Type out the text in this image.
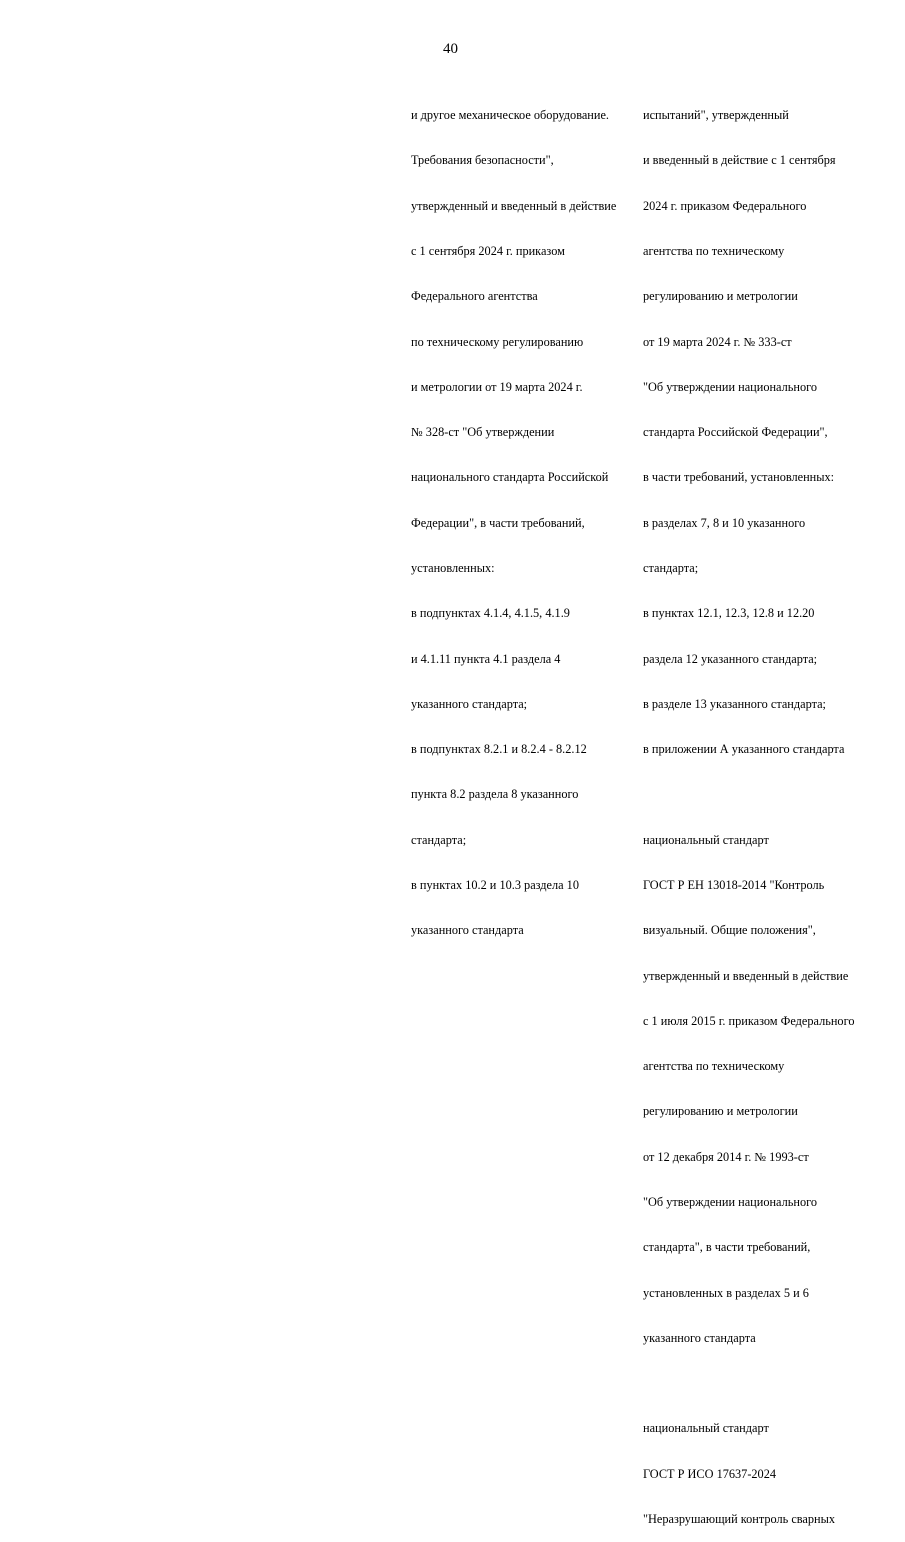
40

и другое механическое оборудование.

Требования безопасности",

утвержденный и введенный в действие

с 1 сентября 2024 г. приказом

Федерального агентства

по техническому регулированию

и метрологии от 19 марта 2024 г.

№ 328-ст "Об утверждении

национального стандарта Российской

Федерации", в части требований,

установленных:

в подпунктах 4.1.4, 4.1.5, 4.1.9

и 4.1.11 пункта 4.1 раздела 4

указанного стандарта;

в подпунктах 8.2.1 и 8.2.4 - 8.2.12

пункта 8.2 раздела 8 указанного

стандарта;

в пунктах 10.2 и 10.3 раздела 10

указанного стандарта

испытаний", утвержденный

и введенный в действие с 1 сентября

2024 г. приказом Федерального

агентства по техническому

регулированию и метрологии

от 19 марта 2024 г. № 333-ст

"Об утверждении национального

стандарта Российской Федерации",

в части требований, установленных:

в разделах 7, 8 и 10 указанного

стандарта;

в пунктах 12.1, 12.3, 12.8 и 12.20

раздела 12 указанного стандарта;

в разделе 13 указанного стандарта;

в приложении А указанного стандарта

национальный стандарт

ГОСТ Р ЕН 13018-2014 "Контроль

визуальный. Общие положения",

утвержденный и введенный в действие

с 1 июля 2015 г. приказом Федерального

агентства по техническому

регулированию и метрологии

от 12 декабря 2014 г. № 1993-ст

"Об утверждении национального

стандарта", в части требований,

установленных в разделах 5 и 6

указанного стандарта

национальный стандарт

ГОСТ Р ИСО 17637-2024

"Неразрушающий контроль сварных
